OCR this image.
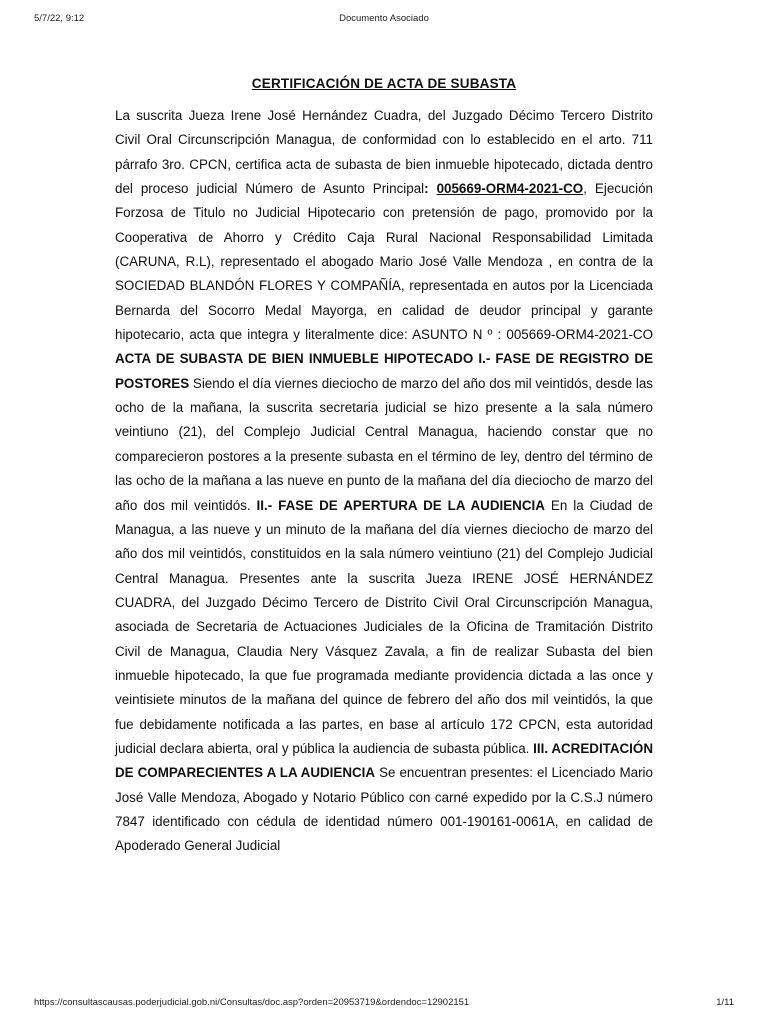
5/7/22, 9:12	Documento Asociado
CERTIFICACIÓN DE ACTA DE SUBASTA

La suscrita Jueza Irene José Hernández Cuadra, del Juzgado Décimo Tercero Distrito Civil Oral Circunscripción Managua, de conformidad con lo establecido en el arto. 711 párrafo 3ro. CPCN, certifica acta de subasta de bien inmueble hipotecado, dictada dentro del proceso judicial Número de Asunto Principal: 005669-ORM4-2021-CO, Ejecución Forzosa de Titulo no Judicial Hipotecario con pretensión de pago, promovido por la Cooperativa de Ahorro y Crédito Caja Rural Nacional Responsabilidad Limitada (CARUNA, R.L), representado el abogado Mario José Valle Mendoza , en contra de la SOCIEDAD BLANDÓN FLORES Y COMPAÑÍA, representada en autos por la Licenciada Bernarda del Socorro Medal Mayorga, en calidad de deudor principal y garante hipotecario, acta que integra y literalmente dice: ASUNTO N º : 005669-ORM4-2021-CO ACTA DE SUBASTA DE BIEN INMUEBLE HIPOTECADO I.- FASE DE REGISTRO DE POSTORES Siendo el día viernes dieciocho de marzo del año dos mil veintidós, desde las ocho de la mañana, la suscrita secretaria judicial se hizo presente a la sala número veintiuno (21), del Complejo Judicial Central Managua, haciendo constar que no comparecieron postores a la presente subasta en el término de ley, dentro del término de las ocho de la mañana a las nueve en punto de la mañana del día dieciocho de marzo del año dos mil veintidós. II.- FASE DE APERTURA DE LA AUDIENCIA En la Ciudad de Managua, a las nueve y un minuto de la mañana del día viernes dieciocho de marzo del año dos mil veintidós, constituidos en la sala número veintiuno (21) del Complejo Judicial Central Managua. Presentes ante la suscrita Jueza IRENE JOSÉ HERNÁNDEZ CUADRA, del Juzgado Décimo Tercero de Distrito Civil Oral Circunscripción Managua, asociada de Secretaria de Actuaciones Judiciales de la Oficina de Tramitación Distrito Civil de Managua, Claudia Nery Vásquez Zavala, a fin de realizar Subasta del bien inmueble hipotecado, la que fue programada mediante providencia dictada a las once y veintisiete minutos de la mañana del quince de febrero del año dos mil veintidós, la que fue debidamente notificada a las partes, en base al artículo 172 CPCN, esta autoridad judicial declara abierta, oral y pública la audiencia de subasta pública. III. ACREDITACIÓN DE COMPARECIENTES A LA AUDIENCIA Se encuentran presentes: el Licenciado Mario José Valle Mendoza, Abogado y Notario Público con carné expedido por la C.S.J número 7847 identificado con cédula de identidad número 001-190161-0061A, en calidad de Apoderado General Judicial

https://consultascausas.poderjudicial.gob.ni/Consultas/doc.asp?orden=20953719&ordendoc=12902151	1/11
